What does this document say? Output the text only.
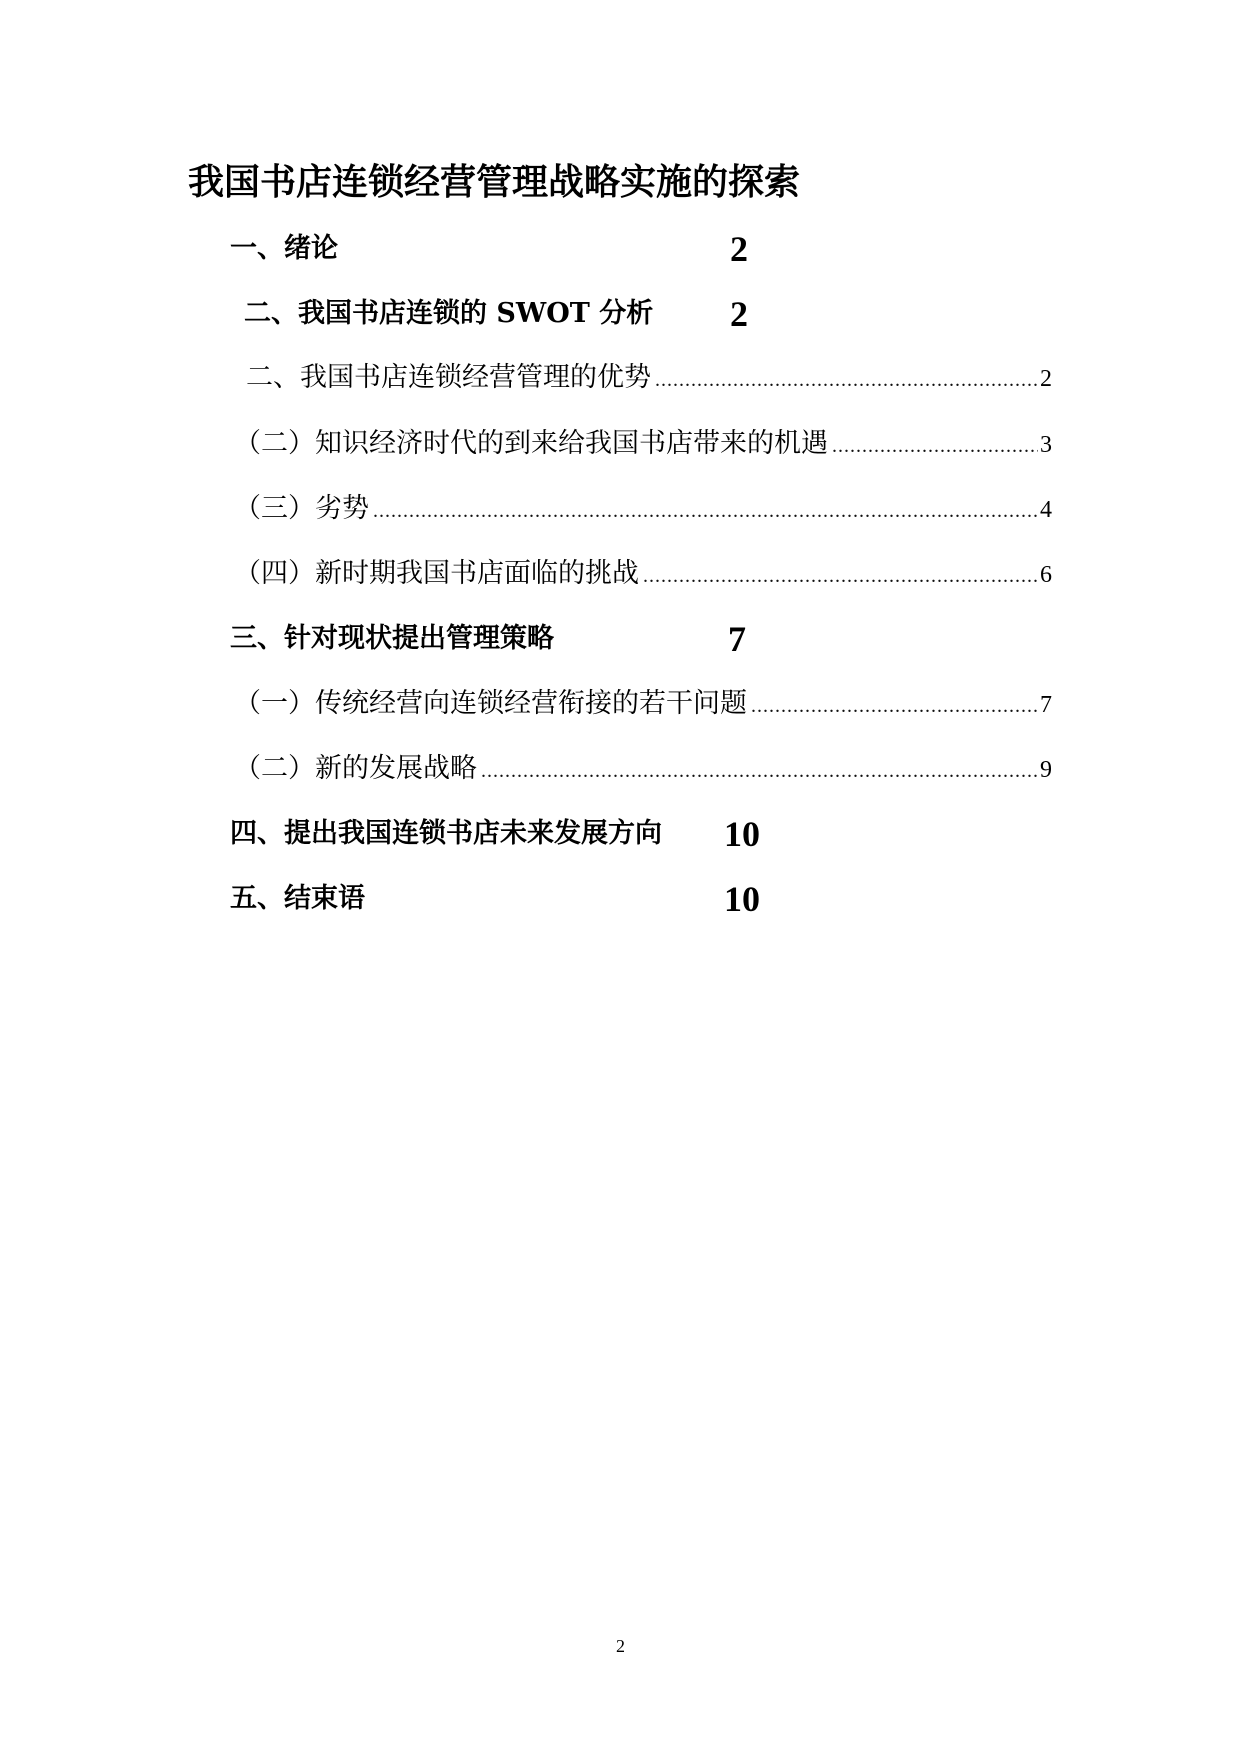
我国书店连锁经营管理战略实施的探索
一、绪论	2
二、我国书店连锁的 SWOT 分析 2
二、我国书店连锁经营管理的优势 .....	2
（二）知识经济时代的到来给我国书店带来的机遇 .....	3
（三）劣势 .....	4
（四）新时期我国书店面临的挑战 .....	6
三、针对现状提出管理策略	7
（一）传统经营向连锁经营衔接的若干问题 .....	7
（二）新的发展战略 .....	9
四、提出我国连锁书店未来发展方向 10
五、结束语	10
2
